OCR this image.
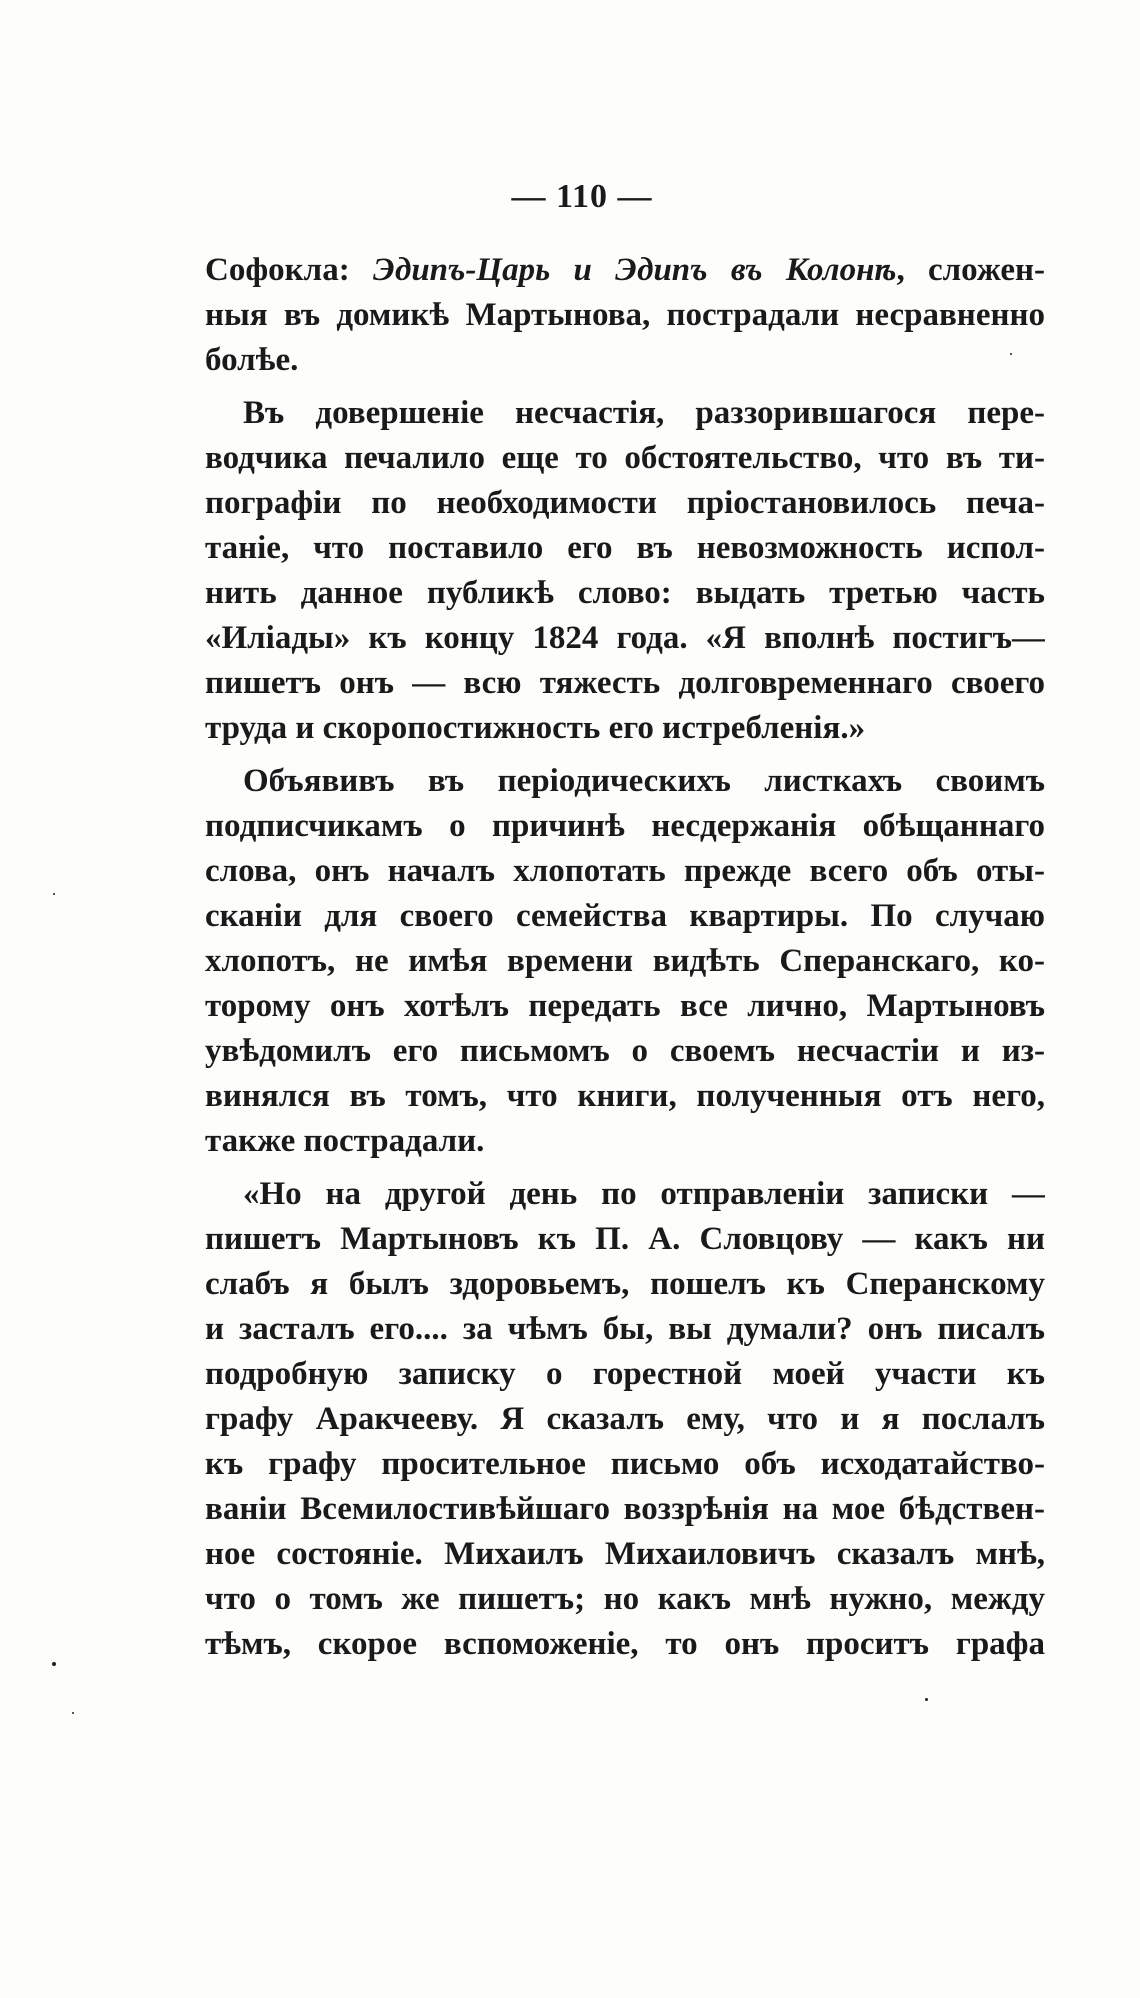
— 110 —
Софокла: Эдипъ-Царь и Эдипъ въ Колонѣ, сложен-
ныя въ домикѣ Мартынова, пострадали несравненно
болѣе.
Въ довершеніе несчастія, раззорившагося пере-
водчика печалило еще то обстоятельство, что въ ти-
пографіи по необходимости пріостановилось печа-
таніе, что поставило его въ невозможность испол-
нить данное публикѣ слово: выдать третью часть
«Иліады» къ концу 1824 года. «Я вполнѣ постигъ—
пишетъ онъ — всю тяжесть долговременнаго своего
труда и скоропостижность его истребленія.»
Объявивъ въ періодическихъ листкахъ своимъ
подписчикамъ о причинѣ несдержанія обѣщаннаго
слова, онъ началъ хлопотать прежде всего объ оты-
сканіи для своего семейства квартиры. По случаю
хлопотъ, не имѣя времени видѣть Сперанскаго, ко-
торому онъ хотѣлъ передать все лично, Мартыновъ
увѣдомилъ его письмомъ о своемъ несчастіи и из-
винялся въ томъ, что книги, полученныя отъ него,
также пострадали.
«Но на другой день по отправленіи записки —
пишетъ Мартыновъ къ П. А. Словцову — какъ ни
слабъ я былъ здоровьемъ, пошелъ къ Сперанскому
и засталъ его.... за чѣмъ бы, вы думали? онъ писалъ
подробную записку о горестной моей участи къ
графу Аракчееву. Я сказалъ ему, что и я послалъ
къ графу просительное письмо объ исходатайство-
ваніи Всемилостивѣйшаго воззрѣнія на мое бѣдствен-
ное состояніе. Михаилъ Михаиловичъ сказалъ мнѣ,
что о томъ же пишетъ; но какъ мнѣ нужно, между
тѣмъ, скорое вспоможеніе, то онъ проситъ графа
